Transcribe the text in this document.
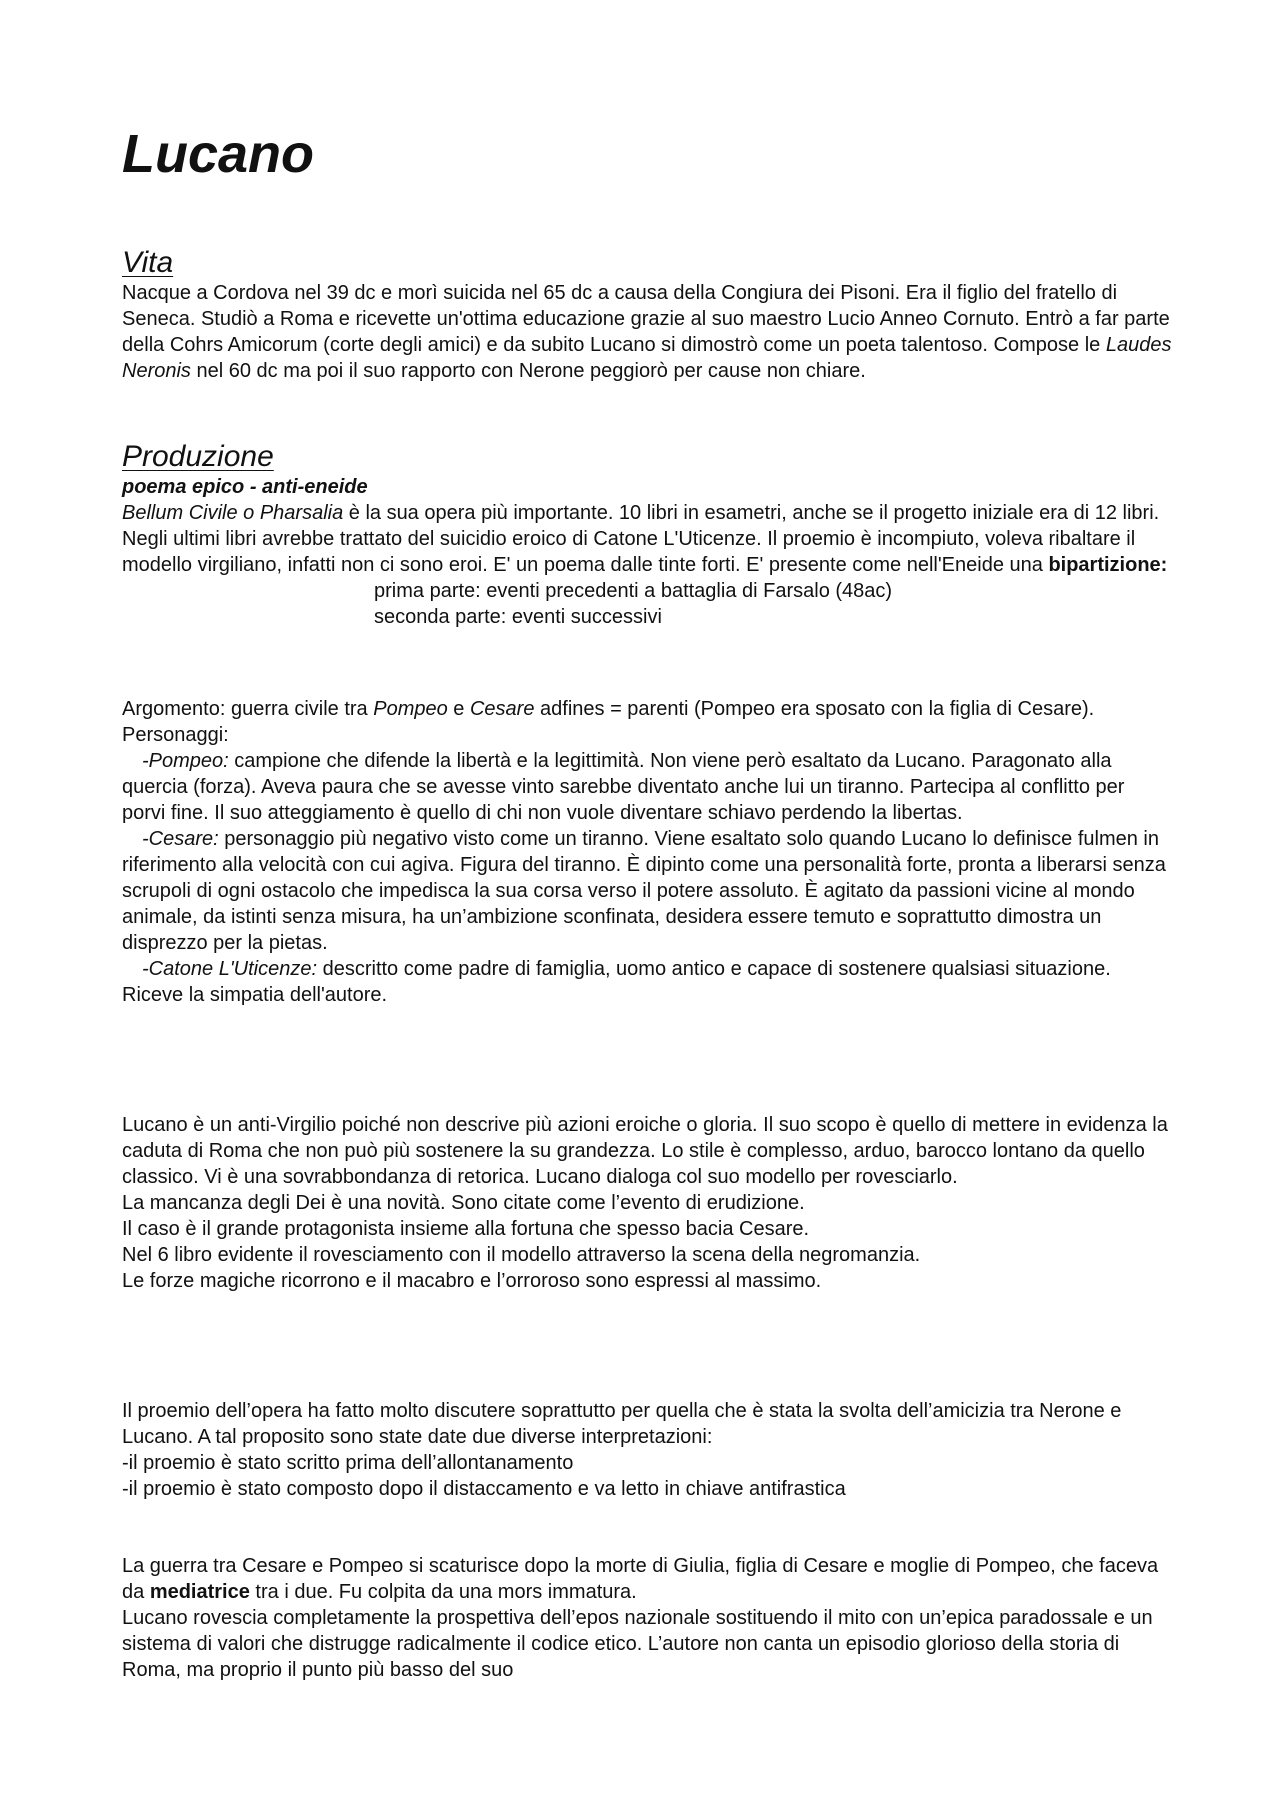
Lucano
Vita

Nacque a Cordova nel 39 dc e morì suicida nel 65 dc a causa della Congiura dei Pisoni. Era il figlio del fratello di Seneca. Studiò a Roma e ricevette un'ottima educazione grazie al suo maestro Lucio Anneo Cornuto. Entrò a far parte della Cohrs Amicorum (corte degli amici) e da subito Lucano si dimostrò come un poeta talentoso. Compose le Laudes Neronis nel 60 dc ma poi il suo rapporto con Nerone peggiorò per cause non chiare.

Produzione
poema epico - anti-eneide

Bellum Civile o Pharsalia è la sua opera più importante. 10 libri in esametri, anche se il progetto iniziale era di 12 libri. Negli ultimi libri avrebbe trattato del suicidio eroico di Catone L'Uticenze. Il proemio è incompiuto, voleva ribaltare il modello virgiliano, infatti non ci sono eroi. E' un poema dalle tinte forti. E' presente come nell'Eneide una bipartizione:

prima parte: eventi precedenti a battaglia di Farsalo (48ac)
seconda parte: eventi successivi

Argomento: guerra civile tra Pompeo e Cesare adfines = parenti (Pompeo era sposato con la figlia di Cesare).

Personaggi:

-Pompeo: campione che difende la libertà e la legittimità. Non viene però esaltato da Lucano. Paragonato alla quercia (forza). Aveva paura che se avesse vinto sarebbe diventato anche lui un tiranno. Partecipa al conflitto per porvi fine. Il suo atteggiamento è quello di chi non vuole diventare schiavo perdendo la libertas.

-Cesare: personaggio più negativo visto come un tiranno. Viene esaltato solo quando Lucano lo definisce fulmen in riferimento alla velocità con cui agiva. Figura del tiranno. È dipinto come una personalità forte, pronta a liberarsi senza scrupoli di ogni ostacolo che impedisca la sua corsa verso il potere assoluto. È agitato da passioni vicine al mondo animale, da istinti senza misura, ha un’ambizione sconfinata, desidera essere temuto e soprattutto dimostra un disprezzo per la pietas.

-Catone L'Uticenze: descritto come padre di famiglia, uomo antico e capace di sostenere qualsiasi situazione. Riceve la simpatia dell'autore.

Lucano è un anti-Virgilio poiché non descrive più azioni eroiche o gloria. Il suo scopo è quello di mettere in evidenza la caduta di Roma che non può più sostenere la su grandezza. Lo stile è complesso, arduo, barocco lontano da quello classico. Vi è una sovrabbondanza di retorica. Lucano dialoga col suo modello per rovesciarlo.

La mancanza degli Dei è una novità. Sono citate come l’evento di erudizione.
Il caso è il grande protagonista insieme alla fortuna che spesso bacia Cesare.
Nel 6 libro evidente il rovesciamento con il modello attraverso la scena della negromanzia.
Le forze magiche ricorrono e il macabro e l’orroroso sono espressi al massimo.

Il proemio dell’opera ha fatto molto discutere soprattutto per quella che è stata la svolta dell’amicizia tra Nerone e Lucano. A tal proposito sono state date due diverse interpretazioni:

-il proemio è stato scritto prima dell’allontanamento
-il proemio è stato composto dopo il distaccamento e va letto in chiave antifrastica

La guerra tra Cesare e Pompeo si scaturisce dopo la morte di Giulia, figlia di Cesare e moglie di Pompeo, che faceva da mediatrice tra i due. Fu colpita da una mors immatura.

Lucano rovescia completamente la prospettiva dell’epos nazionale sostituendo il mito con un’epica paradossale e un sistema di valori che distrugge radicalmente il codice etico. L’autore non canta un episodio glorioso della storia di Roma, ma proprio il punto più basso del suo
